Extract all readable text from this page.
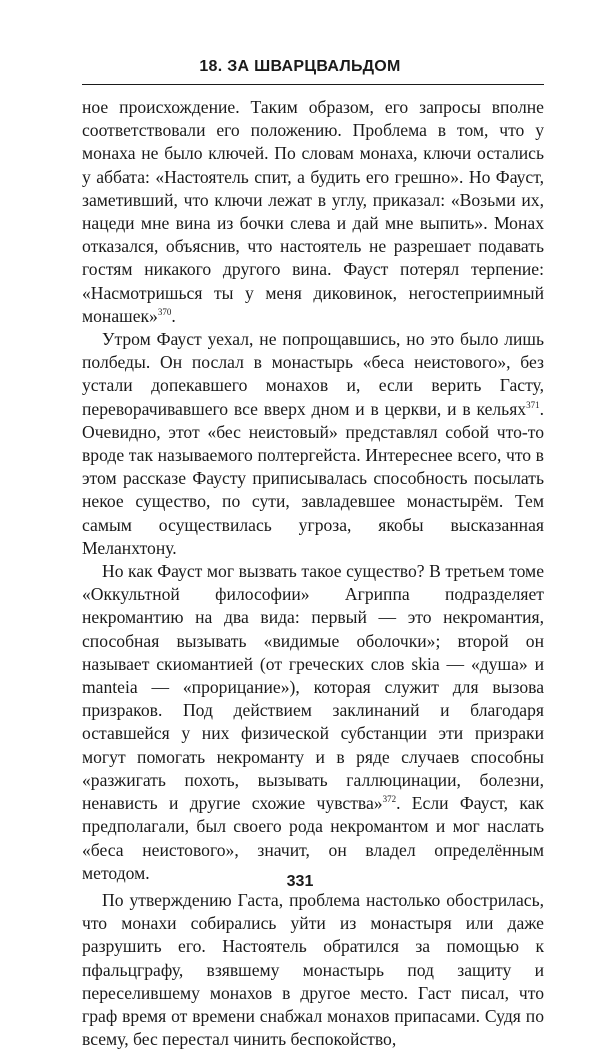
18. ЗА ШВАРЦВАЛЬДОМ

ное происхождение. Таким образом, его запросы вполне соответствовали его положению. Проблема в том, что у монаха не было ключей. По словам монаха, ключи остались у аббата: «Настоятель спит, а будить его грешно». Но Фауст, заметивший, что ключи лежат в углу, приказал: «Возьми их, нацеди мне вина из бочки слева и дай мне выпить». Монах отказался, объяснив, что настоятель не разрешает подавать гостям никакого другого вина. Фауст потерял терпение: «Насмотришься ты у меня диковинок, негостеприимный монашек»$^{370}$.

Утром Фауст уехал, не попрощавшись, но это было лишь полбеды. Он послал в монастырь «беса неистового», без устали допекавшего монахов и, если верить Гасту, переворачивавшего все вверх дном и в церкви, и в кельях$^{371}$. Очевидно, этот «бес неистовый» представлял собой что-то вроде так называемого полтергейста. Интереснее всего, что в этом рассказе Фаусту приписывалась способность посылать некое существо, по сути, завладевшее монастырём. Тем самым осуществилась угроза, якобы высказанная Меланхтону.

Но как Фауст мог вызвать такое существо? В третьем томе «Оккультной философии» Агриппа подразделяет некромантию на два вида: первый — это некромантия, способная вызывать «видимые оболочки»; второй он называет скиомантией (от греческих слов skia — «душа» и manteia — «прорицание»), которая служит для вызова призраков. Под действием заклинаний и благодаря оставшейся у них физической субстанции эти призраки могут помогать некроманту и в ряде случаев способны «разжигать похоть, вызывать галлюцинации, болезни, ненависть и другие схожие чувства»$^{372}$. Если Фауст, как предполагали, был своего рода некромантом и мог наслать «беса неистового», значит, он владел определённым методом.

По утверждению Гаста, проблема настолько обострилась, что монахи собирались уйти из монастыря или даже разрушить его. Настоятель обратился за помощью к пфальцграфу, взявшему монастырь под защиту и переселившему монахов в другое место. Гаст писал, что граф время от времени снабжал монахов припасами. Судя по всему, бес перестал чинить беспокойство,

331
